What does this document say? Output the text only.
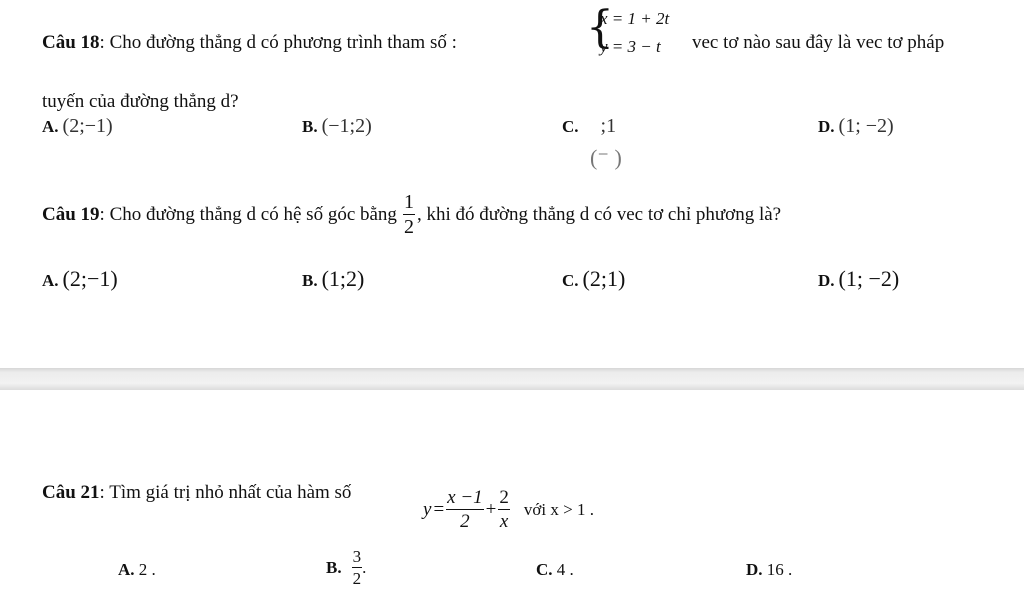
Câu 18: Cho đường thẳng d có phương trình tham số :	{
x = 1 + 2t
y = 3 − t vec tơ nào sau đây là vec tơ pháp
tuyến của đường thẳng d?
A. (2;−1)	B. (−1;2)	C. ;1
(⁻ )
D. (1; −2)
Câu 19 : Cho đường thẳng d có hệ số góc bằng $\frac{1}{2}$ , khi đó đường thẳng d có vec tơ chỉ phương là?
A. (2;−1)	B. (1;2)	C. (2;1)	D. (1; −2)
Câu 21: Tìm giá trị nhỏ nhất của hàm số
$y = \frac{x -1}{2} + \frac{2}{x}$ với x > 1 .
A. 2 .	B. $\frac{3}{2}$ .	C. 4 .	D. 16 .
